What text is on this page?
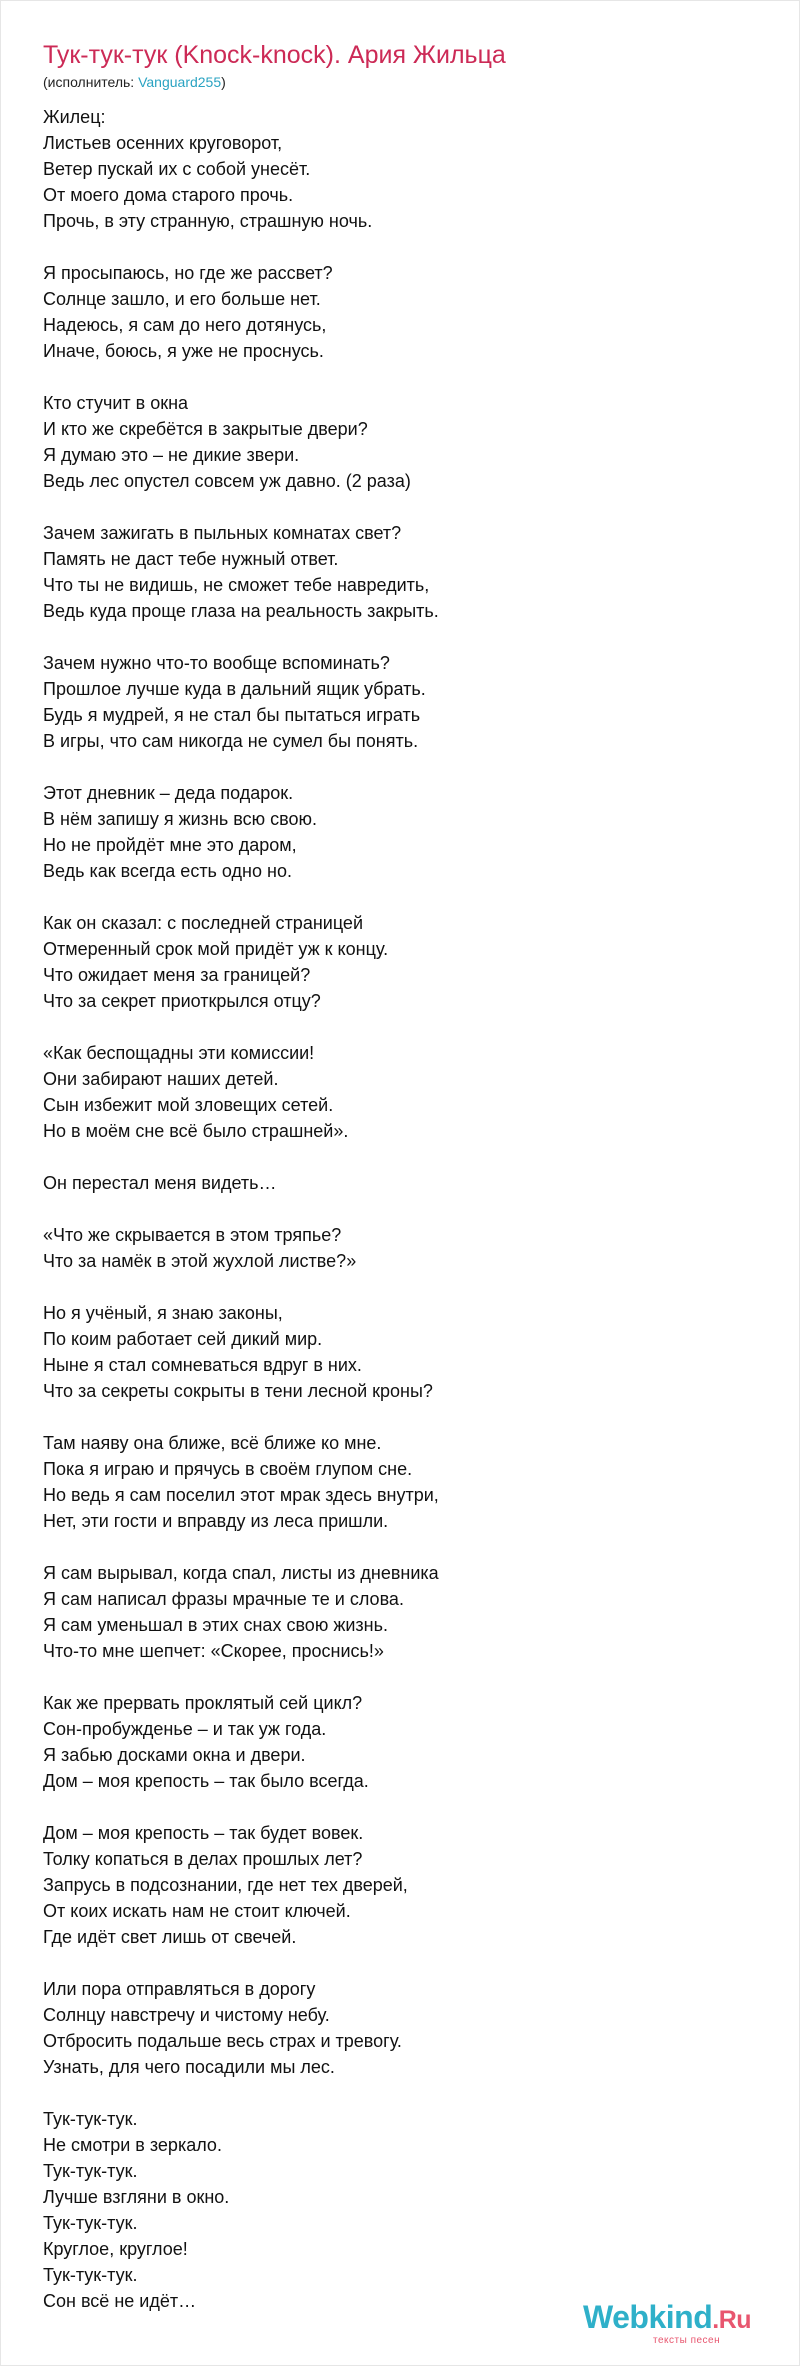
Тук-тук-тук (Knock-knock). Ария Жильца
(исполнитель: Vanguard255)
Жилец:
Листьев осенних круговорот,
Ветер пускай их с собой унесёт.
От моего дома старого прочь.
Прочь, в эту странную, страшную ночь.
Я просыпаюсь, но где же рассвет?
Солнце зашло, и его больше нет.
Надеюсь, я сам до него дотянусь,
Иначе, боюсь, я уже не проснусь.
Кто стучит в окна
И кто же скребётся в закрытые двери?
Я думаю это – не дикие звери.
Ведь лес опустел совсем уж давно. (2 раза)
Зачем зажигать в пыльных комнатах свет?
Память не даст тебе нужный ответ.
Что ты не видишь, не сможет тебе навредить,
Ведь куда проще глаза на реальность закрыть.
Зачем нужно что-то вообще вспоминать?
Прошлое лучше куда в дальний ящик убрать.
Будь я мудрей, я не стал бы пытаться играть
В игры, что сам никогда не сумел бы понять.
Этот дневник – деда подарок.
В нём запишу я жизнь всю свою.
Но не пройдёт мне это даром,
Ведь как всегда есть одно но.
Как он сказал: с последней страницей
Отмеренный срок мой придёт уж к концу.
Что ожидает меня за границей?
Что за секрет приоткрылся отцу?
«Как беспощадны эти комиссии!
Они забирают наших детей.
Сын избежит мой зловещих сетей.
Но в моём сне всё было страшней».
Он перестал меня видеть…
«Что же скрывается в этом тряпье?
Что за намёк в этой жухлой листве?»
Но я учёный, я знаю законы,
По коим работает сей дикий мир.
Ныне я стал сомневаться вдруг в них.
Что за секреты сокрыты в тени лесной кроны?
Там наяву она ближе, всё ближе ко мне.
Пока я играю и прячусь в своём глупом сне.
Но ведь я сам поселил этот мрак здесь внутри,
Нет, эти гости и вправду из леса пришли.
Я сам вырывал, когда спал, листы из дневника
Я сам написал фразы мрачные те и слова.
Я сам уменьшал в этих снах свою жизнь.
Что-то мне шепчет: «Скорее, проснись!»
Как же прервать проклятый сей цикл?
Сон-пробужденье – и так уж года.
Я забью досками окна и двери.
Дом – моя крепость – так было всегда.
Дом – моя крепость – так будет вовек.
Толку копаться в делах прошлых лет?
Запрусь в подсознании, где нет тех дверей,
От коих искать нам не стоит ключей.
Где идёт свет лишь от свечей.
Или пора отправляться в дорогу
Солнцу навстречу и чистому небу.
Отбросить подальше весь страх и тревогу.
Узнать, для чего посадили мы лес.
Тук-тук-тук.
Не смотри в зеркало.
Тук-тук-тук.
Лучше взгляни в окно.
Тук-тук-тук.
Круглое, круглое!
Тук-тук-тук.
Сон всё не идёт…	Webkind.Ru
тексты песен
